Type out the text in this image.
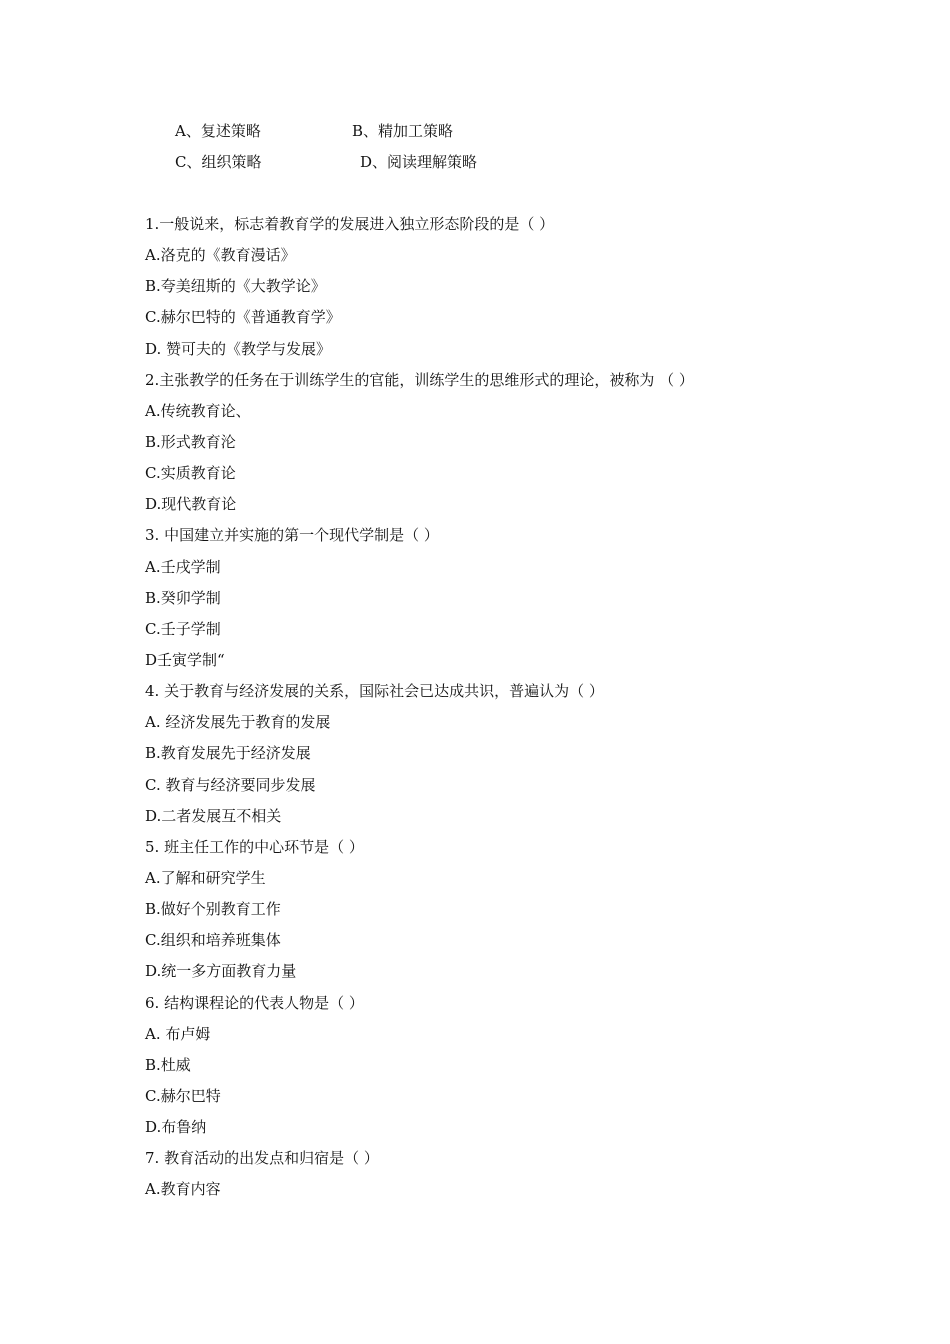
A、复述策略	B、精加工策略
C、组织策略	D、阅读理解策略
1.一般说来，标志着教育学的发展进入独立形态阶段的是（ ）
A.洛克的《教育漫话》
B.夸美纽斯的《大教学论》
C.赫尔巴特的《普通教育学》
D. 赞可夫的《教学与发展》
2.主张教学的任务在于训练学生的官能，训练学生的思维形式的理论，被称为 （ ）
A.传统教育论、
B.形式教育沦
C.实质教育论
D.现代教育论
3. 中国建立并实施的第一个现代学制是（ ）
A.壬戌学制
B.癸卯学制
C.壬子学制
D壬寅学制“
4. 关于教育与经济发展的关系，国际社会已达成共识，普遍认为（ ）
A. 经济发展先于教育的发展
B.教育发展先于经济发展
C. 教育与经济要同步发展
D.二者发展互不相关
5. 班主任工作的中心环节是（ ）
A.了解和研究学生
B.做好个别教育工作
C.组织和培养班集体
D.统一多方面教育力量
6. 结构课程论的代表人物是（ ）
A. 布卢姆
B.杜威
C.赫尔巴特
D.布鲁纳
7. 教育活动的出发点和归宿是（ ）
A.教育内容
